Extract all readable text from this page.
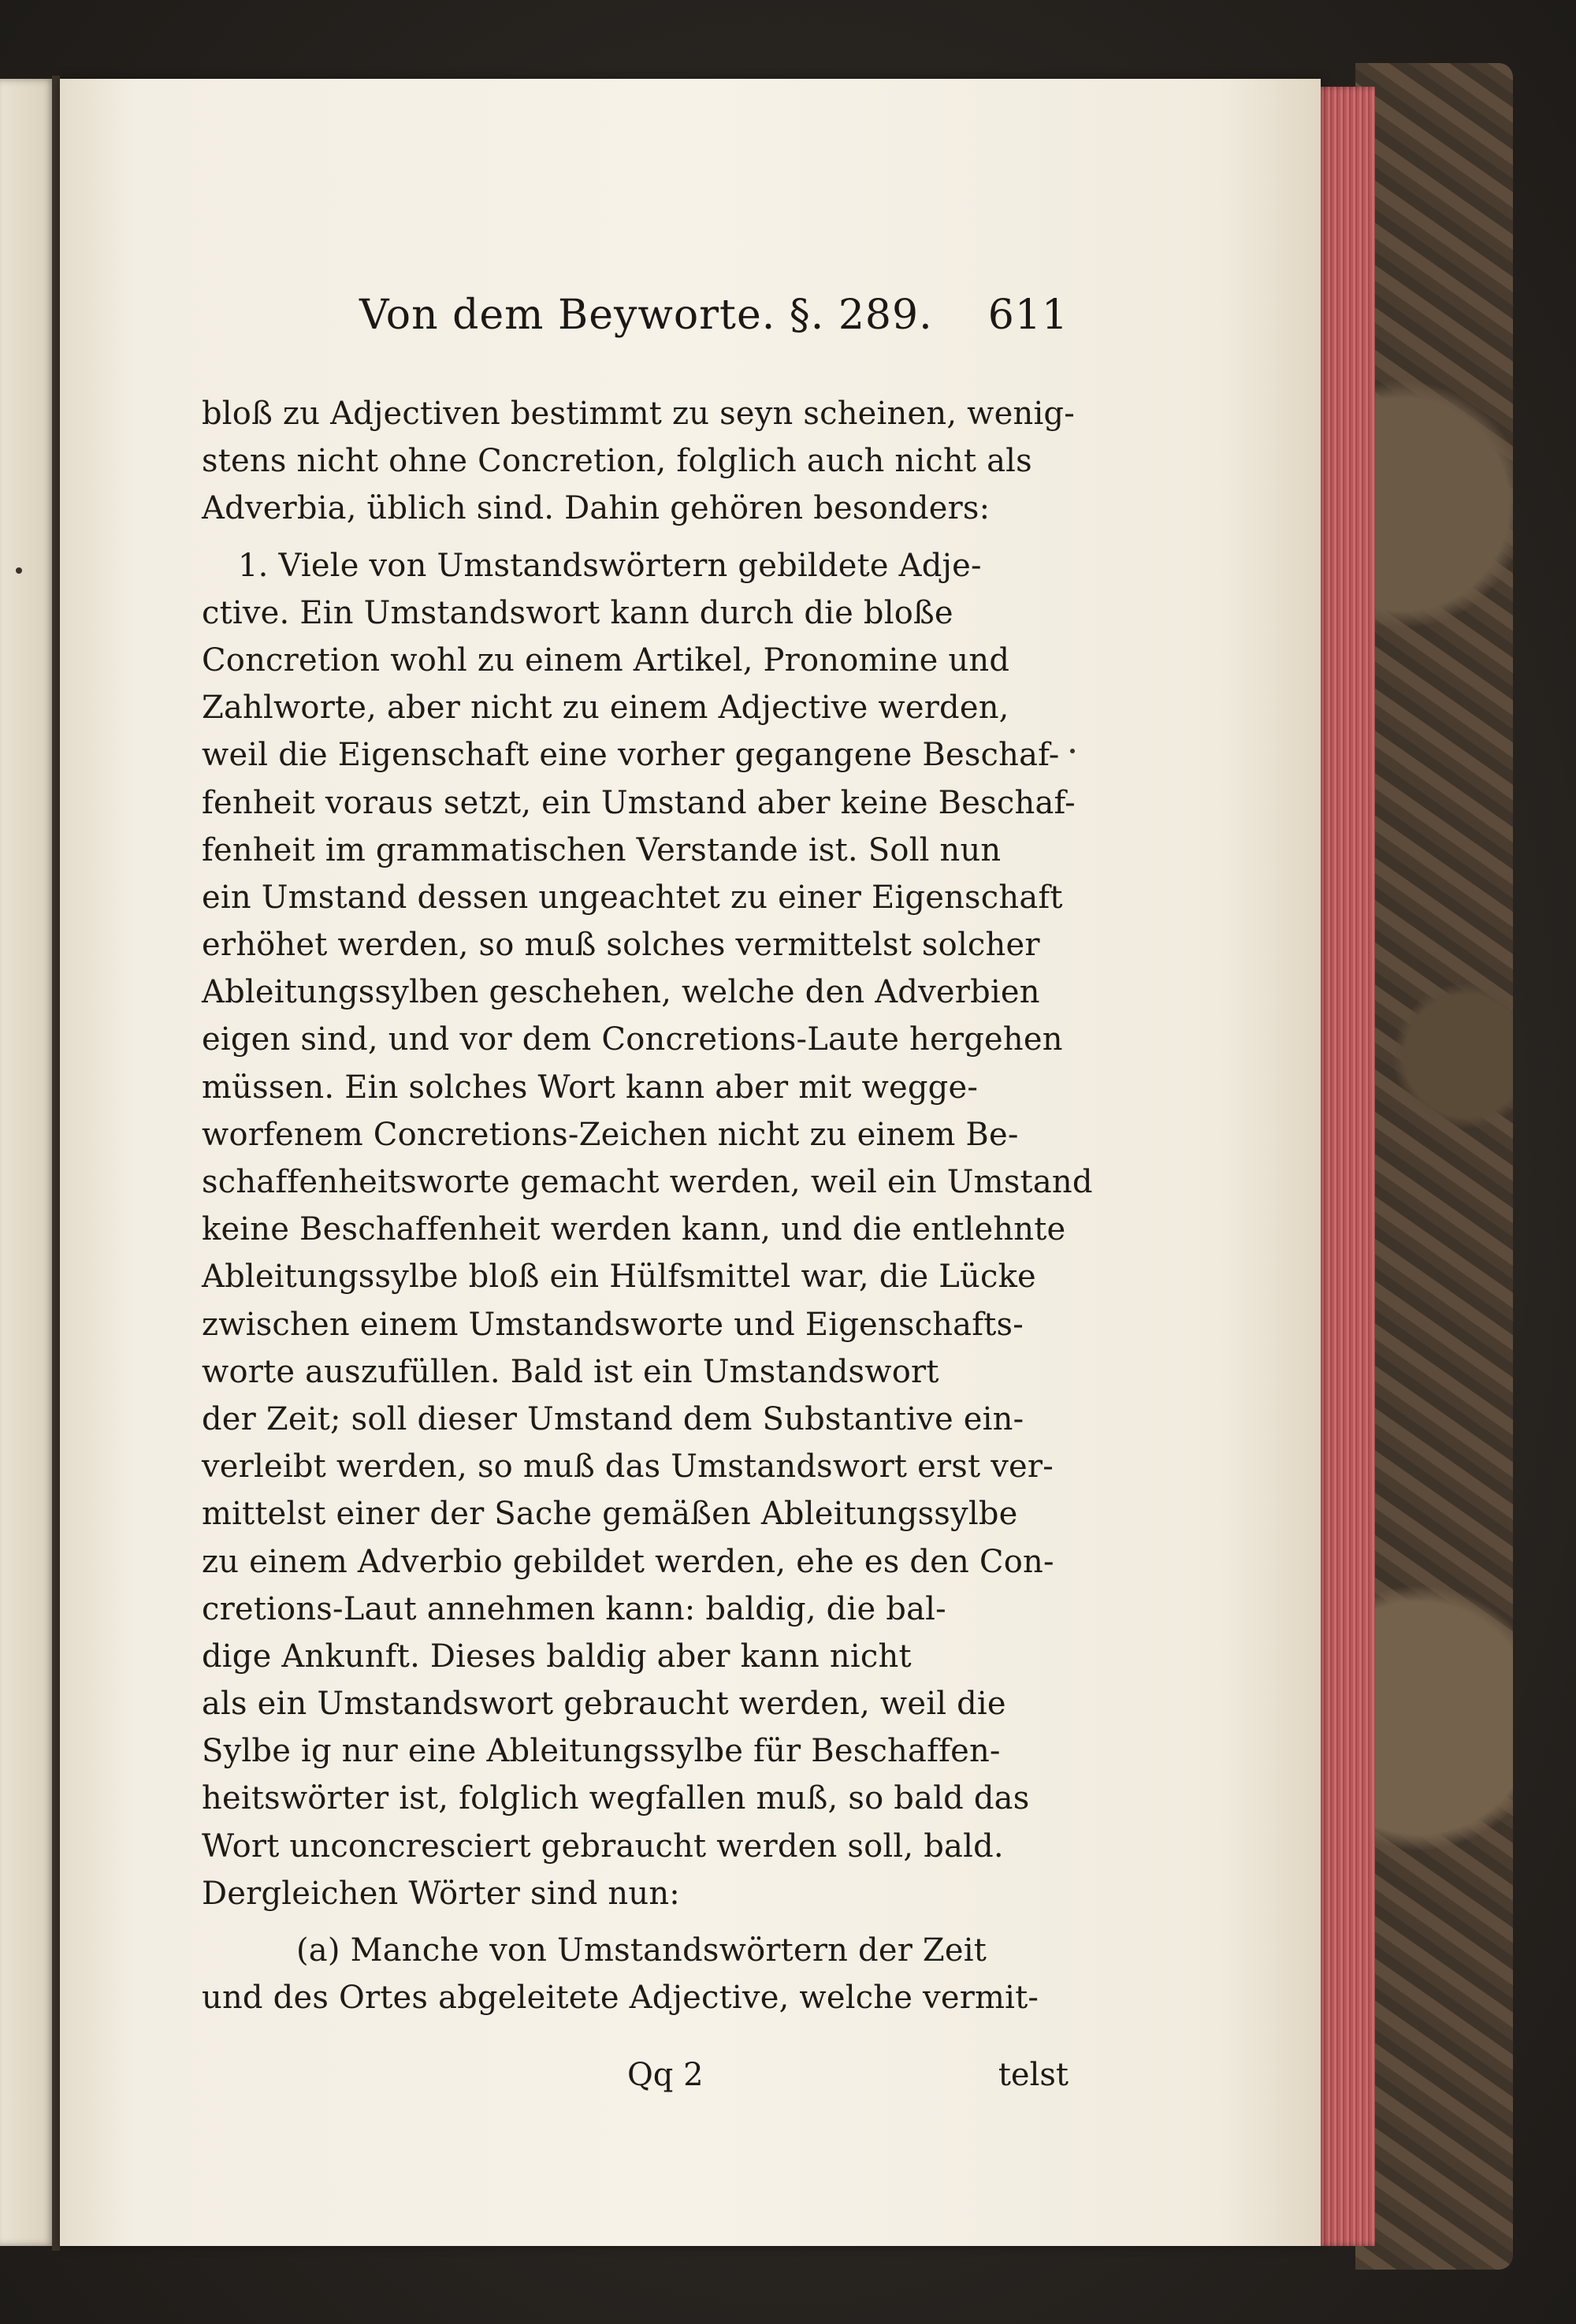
Von dem Beyworte. §. 289. 611
bloß zu Adjectiven bestimmt zu seyn scheinen, wenig-
stens nicht ohne Concretion, folglich auch nicht als
Adverbia, üblich sind. Dahin gehören besonders:
1. Viele von Umstandswörtern gebildete Adje-
ctive. Ein Umstandswort kann durch die bloße
Concretion wohl zu einem Artikel, Pronomine und
Zahlworte, aber nicht zu einem Adjective werden,
weil die Eigenschaft eine vorher gegangene Beschaf-
fenheit voraus setzt, ein Umstand aber keine Beschaf-
fenheit im grammatischen Verstande ist. Soll nun
ein Umstand dessen ungeachtet zu einer Eigenschaft
erhöhet werden, so muß solches vermittelst solcher
Ableitungssylben geschehen, welche den Adverbien
eigen sind, und vor dem Concretions-Laute hergehen
müssen. Ein solches Wort kann aber mit wegge-
worfenem Concretions-Zeichen nicht zu einem Be-
schaffenheitsworte gemacht werden, weil ein Umstand
keine Beschaffenheit werden kann, und die entlehnte
Ableitungssylbe bloß ein Hülfsmittel war, die Lücke
zwischen einem Umstandsworte und Eigenschafts-
worte auszufüllen. Bald ist ein Umstandswort
der Zeit; soll dieser Umstand dem Substantive ein-
verleibt werden, so muß das Umstandswort erst ver-
mittelst einer der Sache gemäßen Ableitungssylbe
zu einem Adverbio gebildet werden, ehe es den Con-
cretions-Laut annehmen kann: baldig, die bal-
dige Ankunft. Dieses baldig aber kann nicht
als ein Umstandswort gebraucht werden, weil die
Sylbe ig nur eine Ableitungssylbe für Beschaffen-
heitswörter ist, folglich wegfallen muß, so bald das
Wort unconcresciert gebraucht werden soll, bald.
Dergleichen Wörter sind nun:
(a) Manche von Umstandswörtern der Zeit
und des Ortes abgeleitete Adjective, welche vermit-
Qq 2	telst
